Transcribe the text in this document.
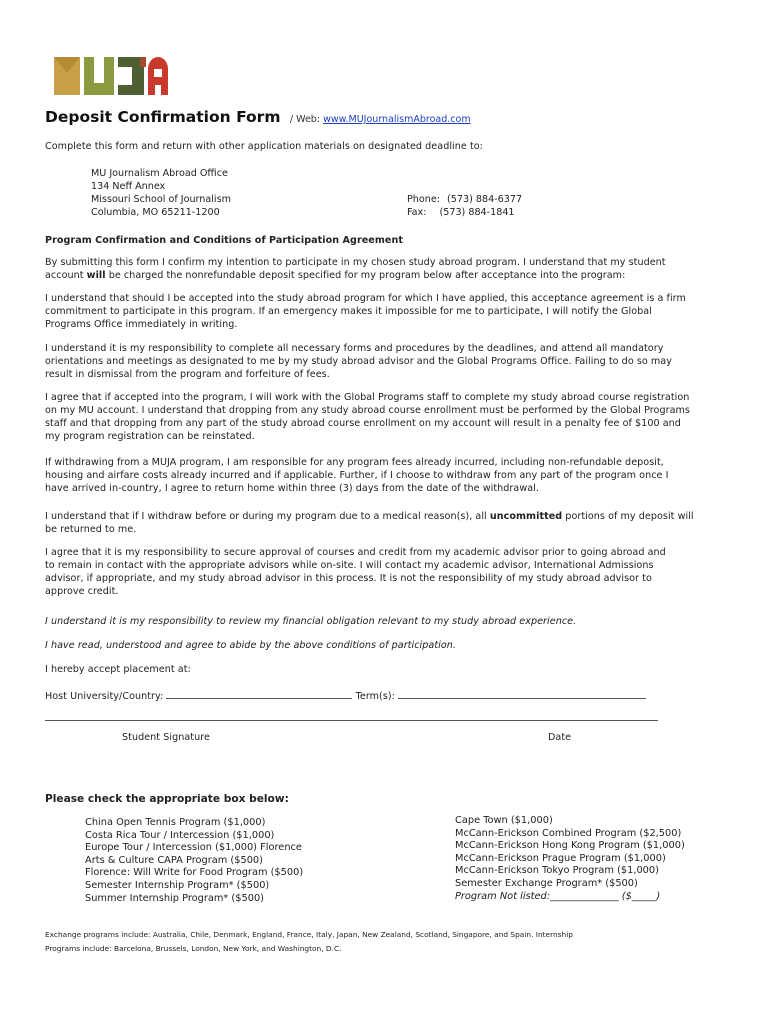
Deposit Confirmation Form / Web: www.MUJournalismAbroad.com
Complete this form and return with other application materials on designated deadline to:
MU Journalism Abroad Office
134 Neff Annex
Missouri School of Journalism
Columbia, MO 65211-1200
Phone: (573) 884-6377
Fax: (573) 884-1841
Program Confirmation and Conditions of Participation Agreement
By submitting this form I confirm my intention to participate in my chosen study abroad program. I understand that my student
account will be charged the nonrefundable deposit specified for my program below after acceptance into the program:
I understand that should I be accepted into the study abroad program for which I have applied, this acceptance agreement is a firm
commitment to participate in this program. If an emergency makes it impossible for me to participate, I will notify the Global
Programs Office immediately in writing.
I understand it is my responsibility to complete all necessary forms and procedures by the deadlines, and attend all mandatory
orientations and meetings as designated to me by my study abroad advisor and the Global Programs Office. Failing to do so may
result in dismissal from the program and forfeiture of fees.
I agree that if accepted into the program, I will work with the Global Programs staff to complete my study abroad course registration
on my MU account. I understand that dropping from any study abroad course enrollment must be performed by the Global Programs
staff and that dropping from any part of the study abroad course enrollment on my account will result in a penalty fee of $100 and
my program registration can be reinstated.
If withdrawing from a MUJA program, I am responsible for any program fees already incurred, including non-refundable deposit,
housing and airfare costs already incurred and if applicable. Further, if I choose to withdraw from any part of the program once I
have arrived in-country, I agree to return home within three (3) days from the date of the withdrawal.
I understand that if I withdraw before or during my program due to a medical reason(s), all uncommitted portions of my deposit will
be returned to me.
I agree that it is my responsibility to secure approval of courses and credit from my academic advisor prior to going abroad and
to remain in contact with the appropriate advisors while on-site. I will contact my academic advisor, International Admissions
advisor, if appropriate, and my study abroad advisor in this process. It is not the responsibility of my study abroad advisor to
approve credit.
I understand it is my responsibility to review my financial obligation relevant to my study abroad experience.
I have read, understood and agree to abide by the above conditions of participation.
I hereby accept placement at:
Host University/Country:	Term(s):
Student Signature	Date
Please check the appropriate box below:
China Open Tennis Program ($1,000)
Costa Rica Tour / Intercession ($1,000)
Europe Tour / Intercession ($1,000) Florence
Arts & Culture CAPA Program ($500)
Florence: Will Write for Food Program ($500)
Semester Internship Program* ($500)
Summer Internship Program* ($500)
Cape Town ($1,000)
McCann-Erickson Combined Program ($2,500)
McCann-Erickson Hong Kong Program ($1,000)
McCann-Erickson Prague Program ($1,000)
McCann-Erickson Tokyo Program ($1,000)
Semester Exchange Program* ($500)
Program Not listed:______________ ($_____)
Exchange programs include: Australia, Chile, Denmark, England, France, Italy, Japan, New Zealand, Scotland, Singapore, and Spain. Internship
Programs include: Barcelona, Brussels, London, New York, and Washington, D.C.
